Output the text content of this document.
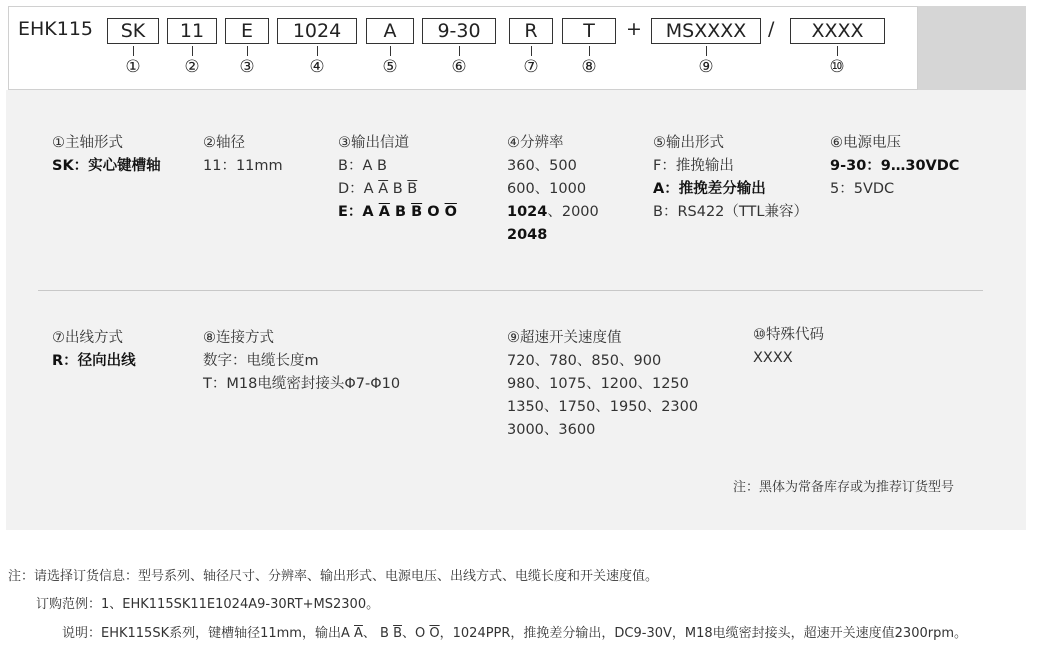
EHK115	SK	11	E	1024	A	9-30	R	T	+	MSXXXX	/	XXXX
①	② ③	④	⑤	⑥	⑦	⑧	⑨	⑩
①主轴形式
SK：实心键槽轴
②轴径
11：11mm
③输出信道
B：A B
D：A $\overline{A}$ B $\overline{B}$
E：A $\overline{A}$ B $\overline{B}$ O $\overline{O}$
④分辨率
360、500
600、1000
1024、2000
2048
⑤输出形式
F：推挽输出
A：推挽差分输出
B：RS422（TTL兼容）
⑥电源电压
9-30：9…30VDC
5：5VDC
⑦出线方式
R：径向出线
⑧连接方式
数字：电缆长度m
T：M18电缆密封接头Φ7-Φ10
⑨超速开关速度值
720、780、850、900
980、1075、1200、1250
1350、1750、1950、2300
3000、3600
⑩特殊代码
XXXX
注：黑体为常备库存或为推荐订货型号
注：请选择订货信息：型号系列、轴径尺寸、分辨率、输出形式、电源电压、出线方式、电缆长度和开关速度值。
订购范例：1、EHK115SK11E1024A9-30RT+MS2300。
说明：EHK115SK系列，键槽轴径11mm，输出A $\overline{A}$、 B $\overline{B}$、O $\overline{O}$，1024PPR，推挽差分输出，DC9-30V，M18电缆密封接头，超速开关速度值2300rpm。
